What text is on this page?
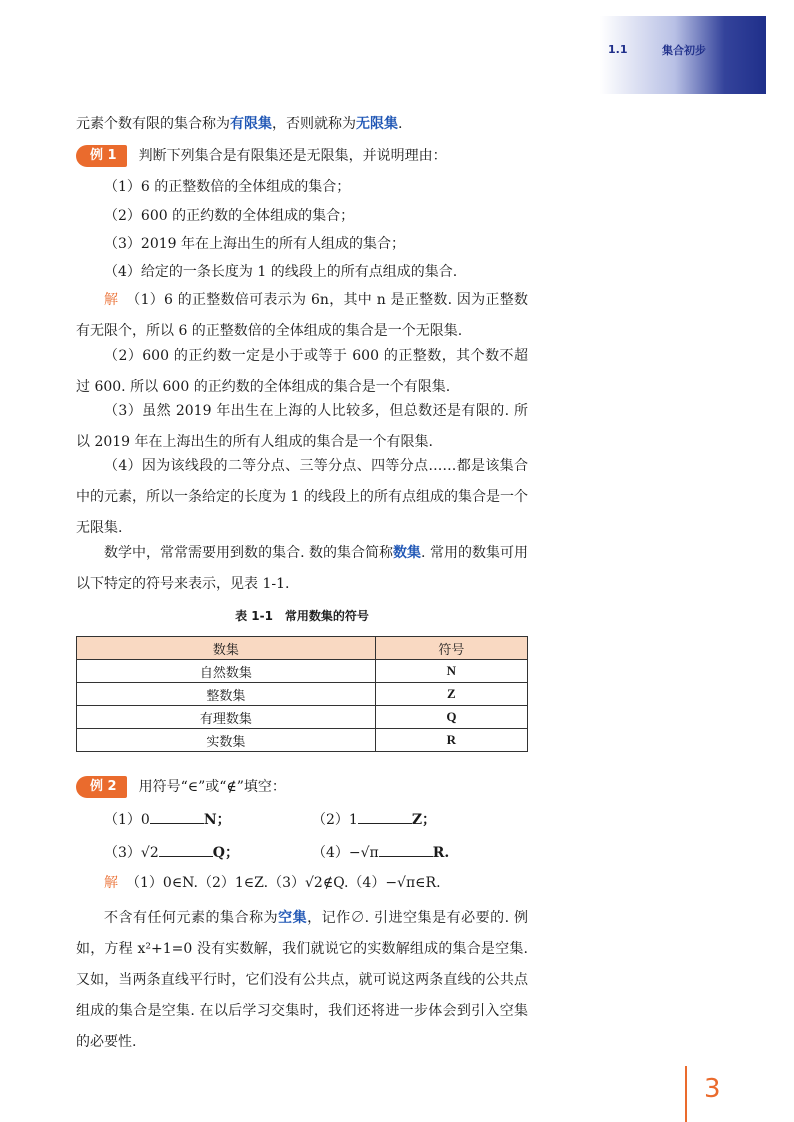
1.1	集合初步
元素个数有限的集合称为有限集，否则就称为无限集.
例 1 判断下列集合是有限集还是无限集，并说明理由：
（1）6 的正整数倍的全体组成的集合；
（2）600 的正约数的全体组成的集合；
（3）2019 年在上海出生的所有人组成的集合；
（4）给定的一条长度为 1 的线段上的所有点组成的集合.
解 （1）6 的正整数倍可表示为 6n，其中 n 是正整数. 因为正整数有无限个，所以 6 的正整数倍的全体组成的集合是一个无限集.
（2）600 的正约数一定是小于或等于 600 的正整数，其个数不超过 600. 所以 600 的正约数的全体组成的集合是一个有限集.
（3）虽然 2019 年出生在上海的人比较多，但总数还是有限的. 所以 2019 年在上海出生的所有人组成的集合是一个有限集.
（4）因为该线段的二等分点、三等分点、四等分点……都是该集合中的元素，所以一条给定的长度为 1 的线段上的所有点组成的集合是一个无限集.
数学中，常常需要用到数的集合. 数的集合简称数集. 常用的数集可用以下特定的符号来表示，见表 1-1.
表 1-1　常用数集的符号
数集	符号
自然数集	N
整数集	Z
有理数集	Q
实数集	R
例 2 用符号“∈”或“∉”填空：
（1）0	N；	（2）1	Z；
（3）√2	Q；	（4）−√π	R.
解 （1）0∈N.（2）1∈Z.（3）√2∉Q.（4）−√π∈R.
不含有任何元素的集合称为空集，记作∅. 引进空集是有必要的. 例如，方程 x²+1=0 没有实数解，我们就说它的实数解组成的集合是空集. 又如，当两条直线平行时，它们没有公共点，就可说这两条直线的公共点组成的集合是空集. 在以后学习交集时，我们还将进一步体会到引入空集的必要性.
3
